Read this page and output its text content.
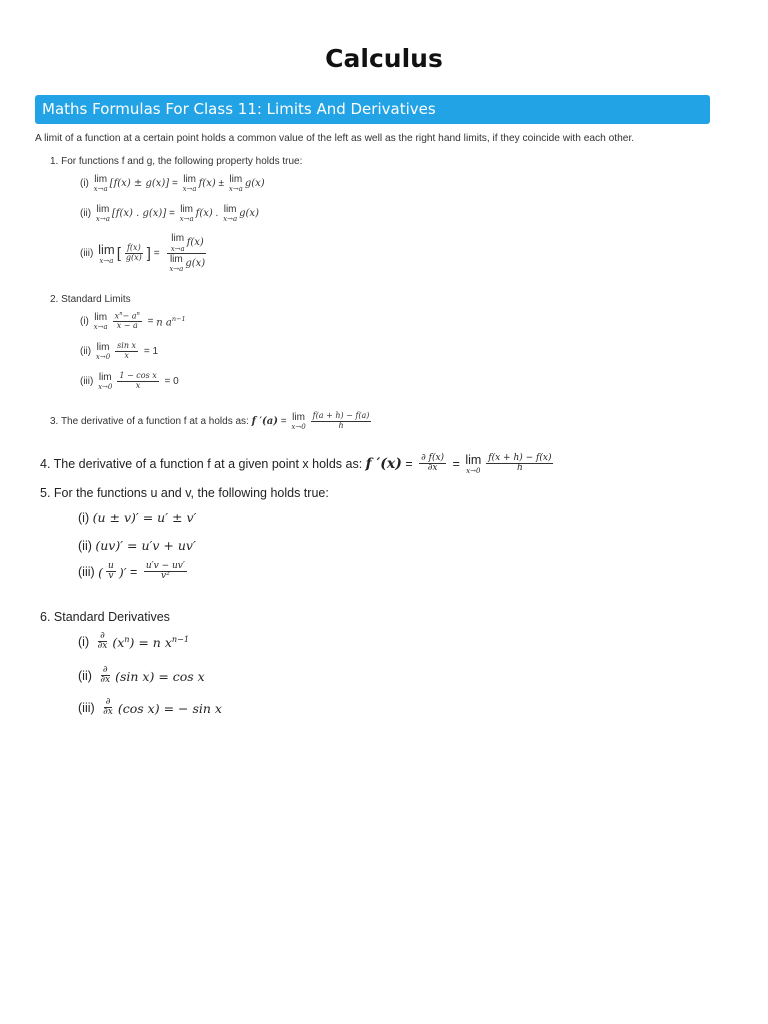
Calculus
Maths Formulas For Class 11: Limits And Derivatives
A limit of a function at a certain point holds a common value of the left as well as the right hand limits, if they coincide with each other.
1. For functions f and g, the following property holds true:
(i)
lim
x→a [f(x) ± g(x)] = lim
x→a f(x) ± lim
x→a g(x)
(ii)
lim
x→a [f(x) . g(x)] = lim
x→a f(x) . lim
x→a g(x)
(iii)
lim
x→a [ $\frac{f(x)}{g(x)}$ ] = lim
x→a
f(x)
lim
x→a g(x)
2. Standard Limits
(i)
lim
$x\to a \frac{x^n- a^n}{x - a} = n$ $a^{n-1}$
(ii)
lim
$x\to 0 \frac{\text{sin x}}{x} = 1$
(iii)
lim
$x\to 0 \frac{\text{1 − cos x}}{x} = 0$
3. The derivative of a function f at a holds as:
f ′(a) = lim
$x\to 0 \frac{f(a + h) - f(a)}{h}$
4. The derivative of a function f at a given point x holds as:
f $'(x) = \frac{\partial f(x)}{\partial x} = \lim$
$x\to 0 \frac{f(x + h) - f(x)}{h}$
5. For the functions u and v, the following holds true:
(i)
(u ± v)′ = u′ ± v′
(ii)
(uv)′ = u′v + uv′
(iii)
( $\frac{u}{v}$ )′ = $\frac{u'v - uv'}{\text{v²}}$
6. Standard Derivatives
(i)
$\frac{\partial}{\partial x} (x^n) = n$ $x^{n-1}$
(ii)
$\frac{\partial}{\partial x} (\sin$ x) = cos x
(iii)
$\frac{\partial}{\partial x} (\cos$ x) = − sin x
